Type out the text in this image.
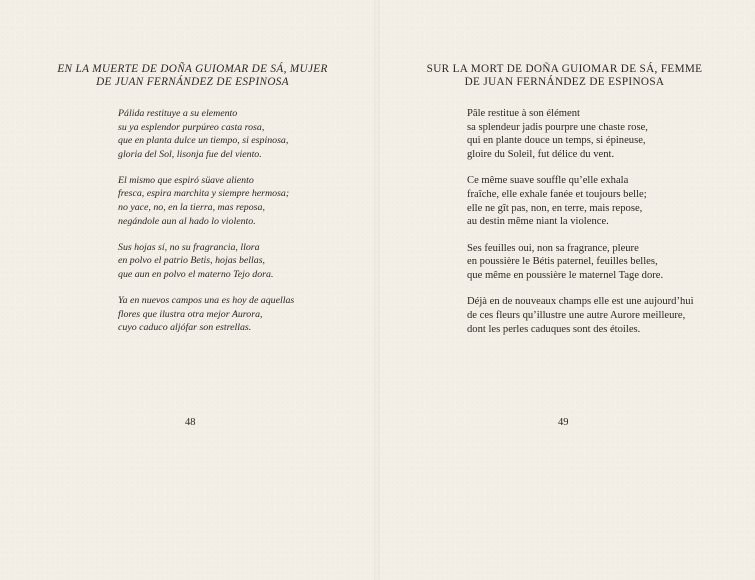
EN LA MUERTE DE DOÑA GUIOMAR DE SÁ, MUJER
DE JUAN FERNÁNDEZ DE ESPINOSA
Pálida restituye a su elemento
su ya esplendor purpúreo casta rosa,
que en planta dulce un tiempo, si espinosa,
gloria del Sol, lisonja fue del viento.
El mismo que espiró süave aliento
fresca, espira marchita y siempre hermosa;
no yace, no, en la tierra, mas reposa,
negándole aun al hado lo violento.
Sus hojas sí, no su fragrancia, llora
en polvo el patrio Betis, hojas bellas,
que aun en polvo el materno Tejo dora.
Ya en nuevos campos una es hoy de aquellas
flores que ilustra otra mejor Aurora,
cuyo caduco aljófar son estrellas.
48
SUR LA MORT DE DOÑA GUIOMAR DE SÁ, FEMME
DE JUAN FERNÁNDEZ DE ESPINOSA
Pâle restitue à son élément
sa splendeur jadis pourpre une chaste rose,
qui en plante douce un temps, si épineuse,
gloire du Soleil, fut délice du vent.
Ce même suave souffle qu’elle exhala
fraîche, elle exhale fanée et toujours belle;
elle ne gît pas, non, en terre, mais repose,
au destin même niant la violence.
Ses feuilles oui, non sa fragrance, pleure
en poussière le Bétis paternel, feuilles belles,
que même en poussière le maternel Tage dore.
Déjà en de nouveaux champs elle est une aujourd’hui
de ces fleurs qu’illustre une autre Aurore meilleure,
dont les perles caduques sont des étoiles.
49
